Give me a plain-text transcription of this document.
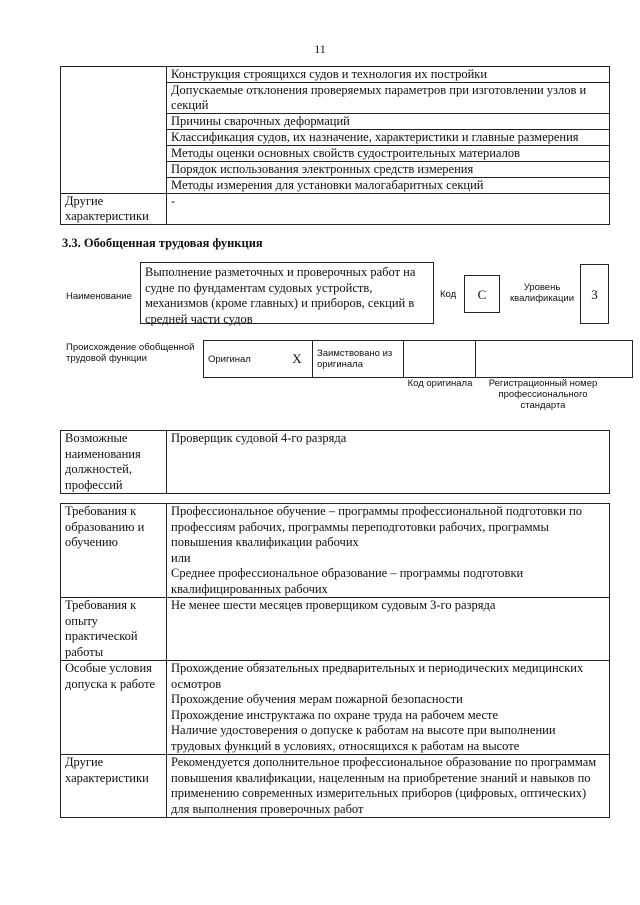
11
	Конструкция строящихся судов и технология их постройки
	Допускаемые отклонения проверяемых параметров при изготовлении узлов и секций
	Причины сварочных деформаций
	Классификация судов, их назначение, характеристики и главные размерения
	Методы оценки основных свойств судостроительных материалов
	Порядок использования электронных средств измерения
	Методы измерения для установки малогабаритных секций
Другие характеристики	-
3.3. Обобщенная трудовая функция
Наименование
Выполнение разметочных и проверочных работ на судне по фундаментам судовых устройств, механизмов (кроме главных) и приборов, секций в средней части судов
Код	C	Уровень квалификации	3
Происхождение обобщенной трудовой функции	Оригинал	X	Заимствовано из оригинала		
Код оригинала	Регистрационный номер профессионального стандарта
Возможные наименования должностей, профессий	Проверщик судовой 4-го разряда
Требования к образованию и обучению	Профессиональное обучение – программы профессиональной подготовки по профессиям рабочих, программы переподготовки рабочих, программы повышения квалификации рабочих
или
Среднее профессиональное образование – программы подготовки квалифицированных рабочих

Требования к опыту практической работы	Не менее шести месяцев проверщиком судовым 3-го разряда
Особые условия допуска к работе	Прохождение обязательных предварительных и периодических медицинских осмотров
Прохождение обучения мерам пожарной безопасности
Прохождение инструктажа по охране труда на рабочем месте
Наличие удостоверения о допуске к работам на высоте при выполнении трудовых функций в условиях, относящихся к работам на высоте

Другие характеристики	Рекомендуется дополнительное профессиональное образование по программам повышения квалификации, нацеленным на приобретение знаний и навыков по применению современных измерительных приборов (цифровых, оптических) для выполнения проверочных работ
